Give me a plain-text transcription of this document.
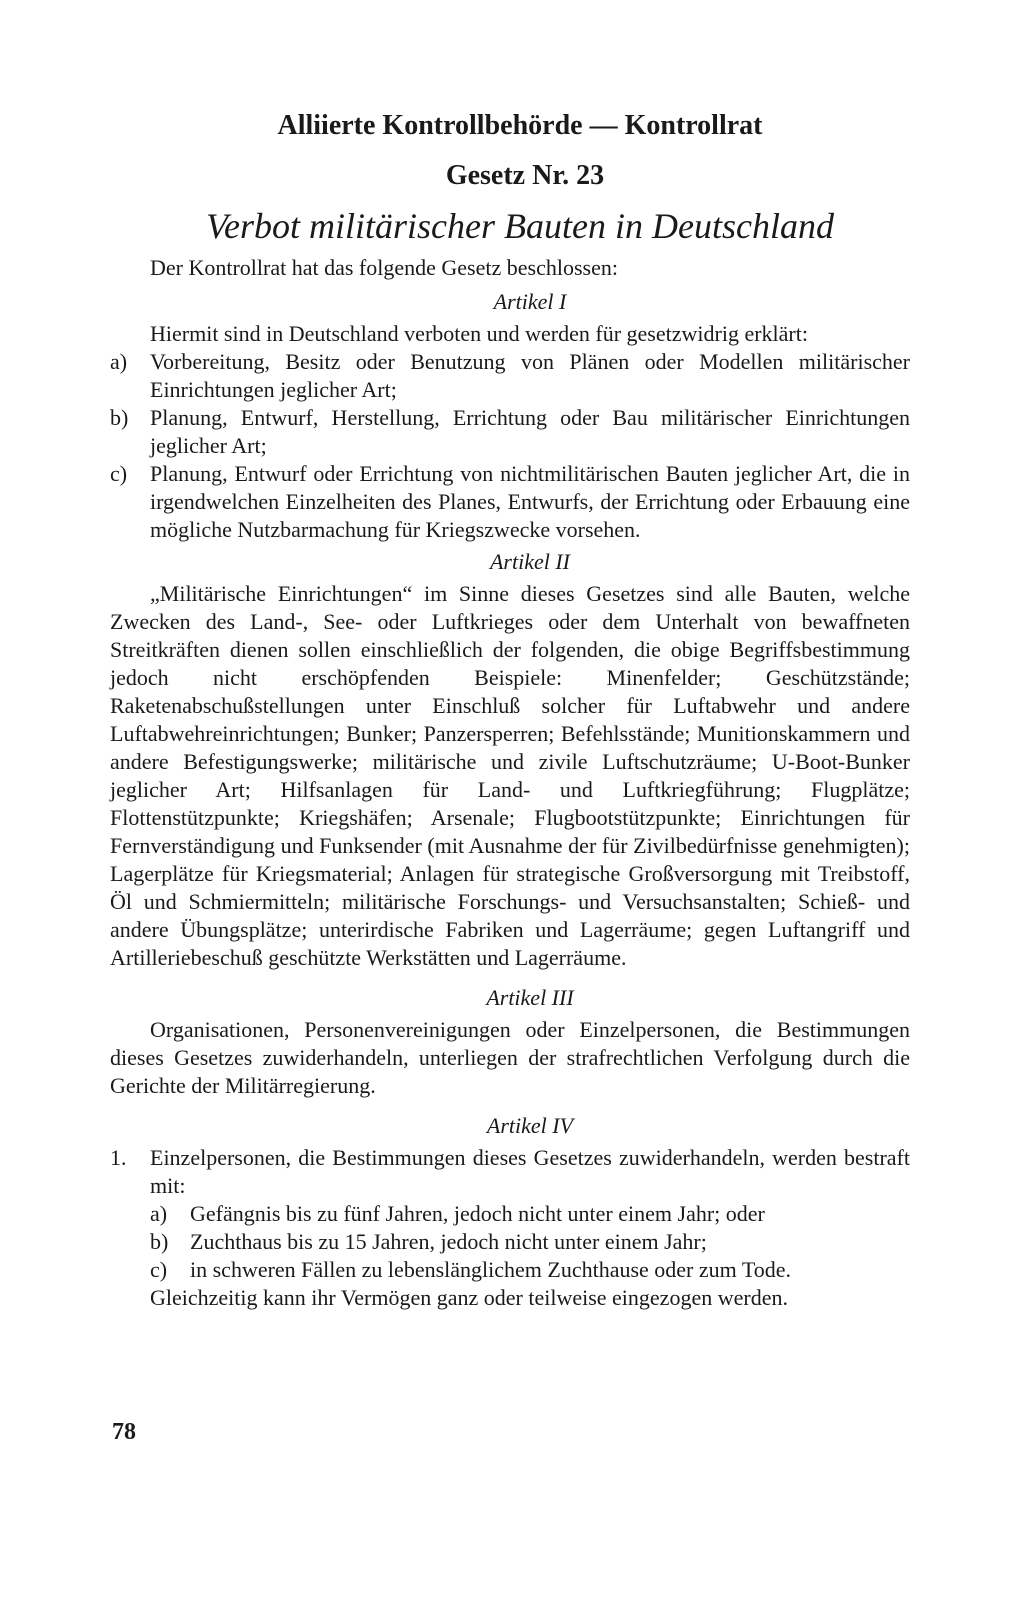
Alliierte Kontrollbehörde — Kontrollrat
Gesetz Nr. 23
Verbot militärischer Bauten in Deutschland

Der Kontrollrat hat das folgende Gesetz beschlossen:

Artikel I

Hiermit sind in Deutschland verboten und werden für gesetzwidrig erklärt:

a)	Vorbereitung, Besitz oder Benutzung von Plänen oder Modellen militärischer Einrichtungen jeglicher Art;
b) Planung, Entwurf, Herstellung, Errichtung oder Bau militärischer Einrichtungen jeglicher Art;
c)	Planung, Entwurf oder Errichtung von nichtmilitärischen Bauten jeglicher Art, die in irgendwelchen Einzelheiten des Planes, Entwurfs, der Errichtung oder Erbauung eine mögliche Nutzbarmachung für Kriegszwecke vorsehen.
Artikel II

„Militärische Einrichtungen“ im Sinne dieses Gesetzes sind alle Bauten, welche Zwecken des Land-, See- oder Luftkrieges oder dem Unterhalt von bewaffneten Streitkräften dienen sollen einschließlich der folgenden, die obige Begriffsbestimmung jedoch nicht erschöpfenden Beispiele: Minenfelder; Geschützstände; Raketenabschußstellungen unter Einschluß solcher für Luftabwehr und andere Luftabwehreinrichtungen; Bunker; Panzersperren; Befehlsstände; Munitionskammern und andere Befestigungswerke; militärische und zivile Luftschutzräume; U-Boot-Bunker jeglicher Art; Hilfsanlagen für Land- und Luftkriegführung; Flugplätze; Flottenstützpunkte; Kriegshäfen; Arsenale; Flugbootstützpunkte; Einrichtungen für Fernverständigung und Funksender (mit Ausnahme der für Zivilbedürfnisse genehmigten); Lagerplätze für Kriegsmaterial; Anlagen für strategische Großversorgung mit Treibstoff, Öl und Schmiermitteln; militärische Forschungs- und Versuchsanstalten; Schieß- und andere Übungsplätze; unterirdische Fabriken und Lagerräume; gegen Luftangriff und Artilleriebeschuß geschützte Werkstätten und Lagerräume.

Artikel III

Organisationen, Personenvereinigungen oder Einzelpersonen, die Bestimmungen dieses Gesetzes zuwiderhandeln, unterliegen der strafrechtlichen Verfolgung durch die Gerichte der Militärregierung.

Artikel IV
1.	Einzelpersonen, die Bestimmungen dieses Gesetzes zuwiderhandeln, werden bestraft mit:
a)	Gefängnis bis zu fünf Jahren, jedoch nicht unter einem Jahr; oder
b) Zuchthaus bis zu 15 Jahren, jedoch nicht unter einem Jahr;
c)	in schweren Fällen zu lebenslänglichem Zuchthause oder zum Tode.

Gleichzeitig kann ihr Vermögen ganz oder teilweise eingezogen werden.

78
